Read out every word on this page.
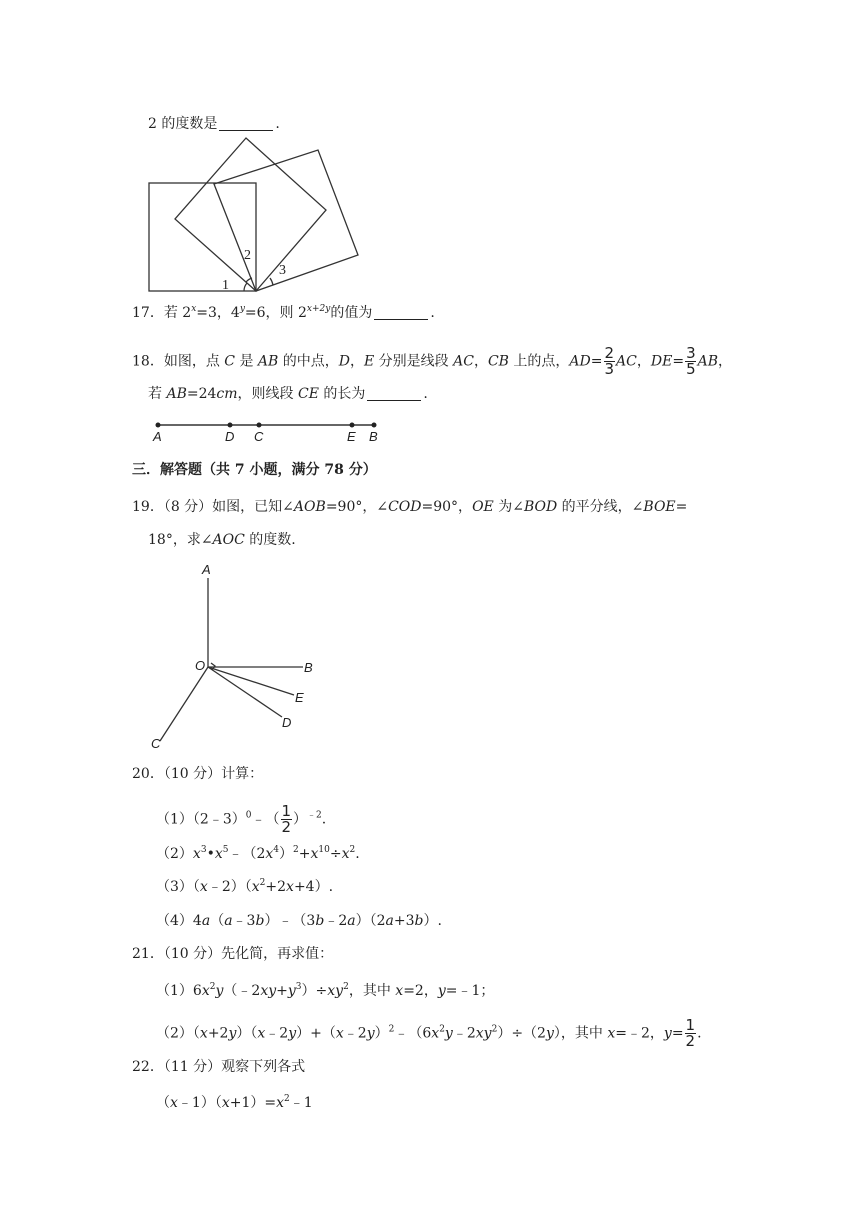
2 的度数是	.
1
2
3
17．若 $2^x=3$，$4^y=6$，则 $2^{x+2y}$的值为	.
18．如图，点 C 是 AB 的中点，D，E 分别是线段 AC，CB 上的点，$AD= \frac{2}{3}$ AC，$DE= \frac{3}{5}$ AB，
若 AB=24cm，则线段 CE 的长为	.
A	D C	E B
三．解答题（共 7 小题，满分 78 分）
19．（8 分）如图，已知∠AOB=90°，∠COD=90°，OE 为∠BOD 的平分线，∠BOE=
18°，求∠AOC 的度数.
A
O	B
E
D
C
20．（10 分）计算：
（1）（2﹣3）$^0$﹣（ $\frac{1}{2} )^{﹣2}$.
$(2)x^3•x^5﹣(2x^4)^2+x^{10}\div x^2$.
$(3)(x﹣2)(x^2+2x+4)$.
（4）4a（a﹣3b）﹣（3b﹣2a）（2a+3b）.
21．（10 分）先化简，再求值：
$(1)6x^2y(﹣2xy+y^3)\div xy^2$，其中 x=2，y=﹣1；
$(2)(x+2y)(x﹣2y)+(x﹣2y)^2﹣(6x^2y﹣2xy^2)\div(2y)$，其中 x=﹣2，$y= \frac{1}{2}$ .
22．（11 分）观察下列各式
$(x﹣1)(x+1)=x^2﹣1$
